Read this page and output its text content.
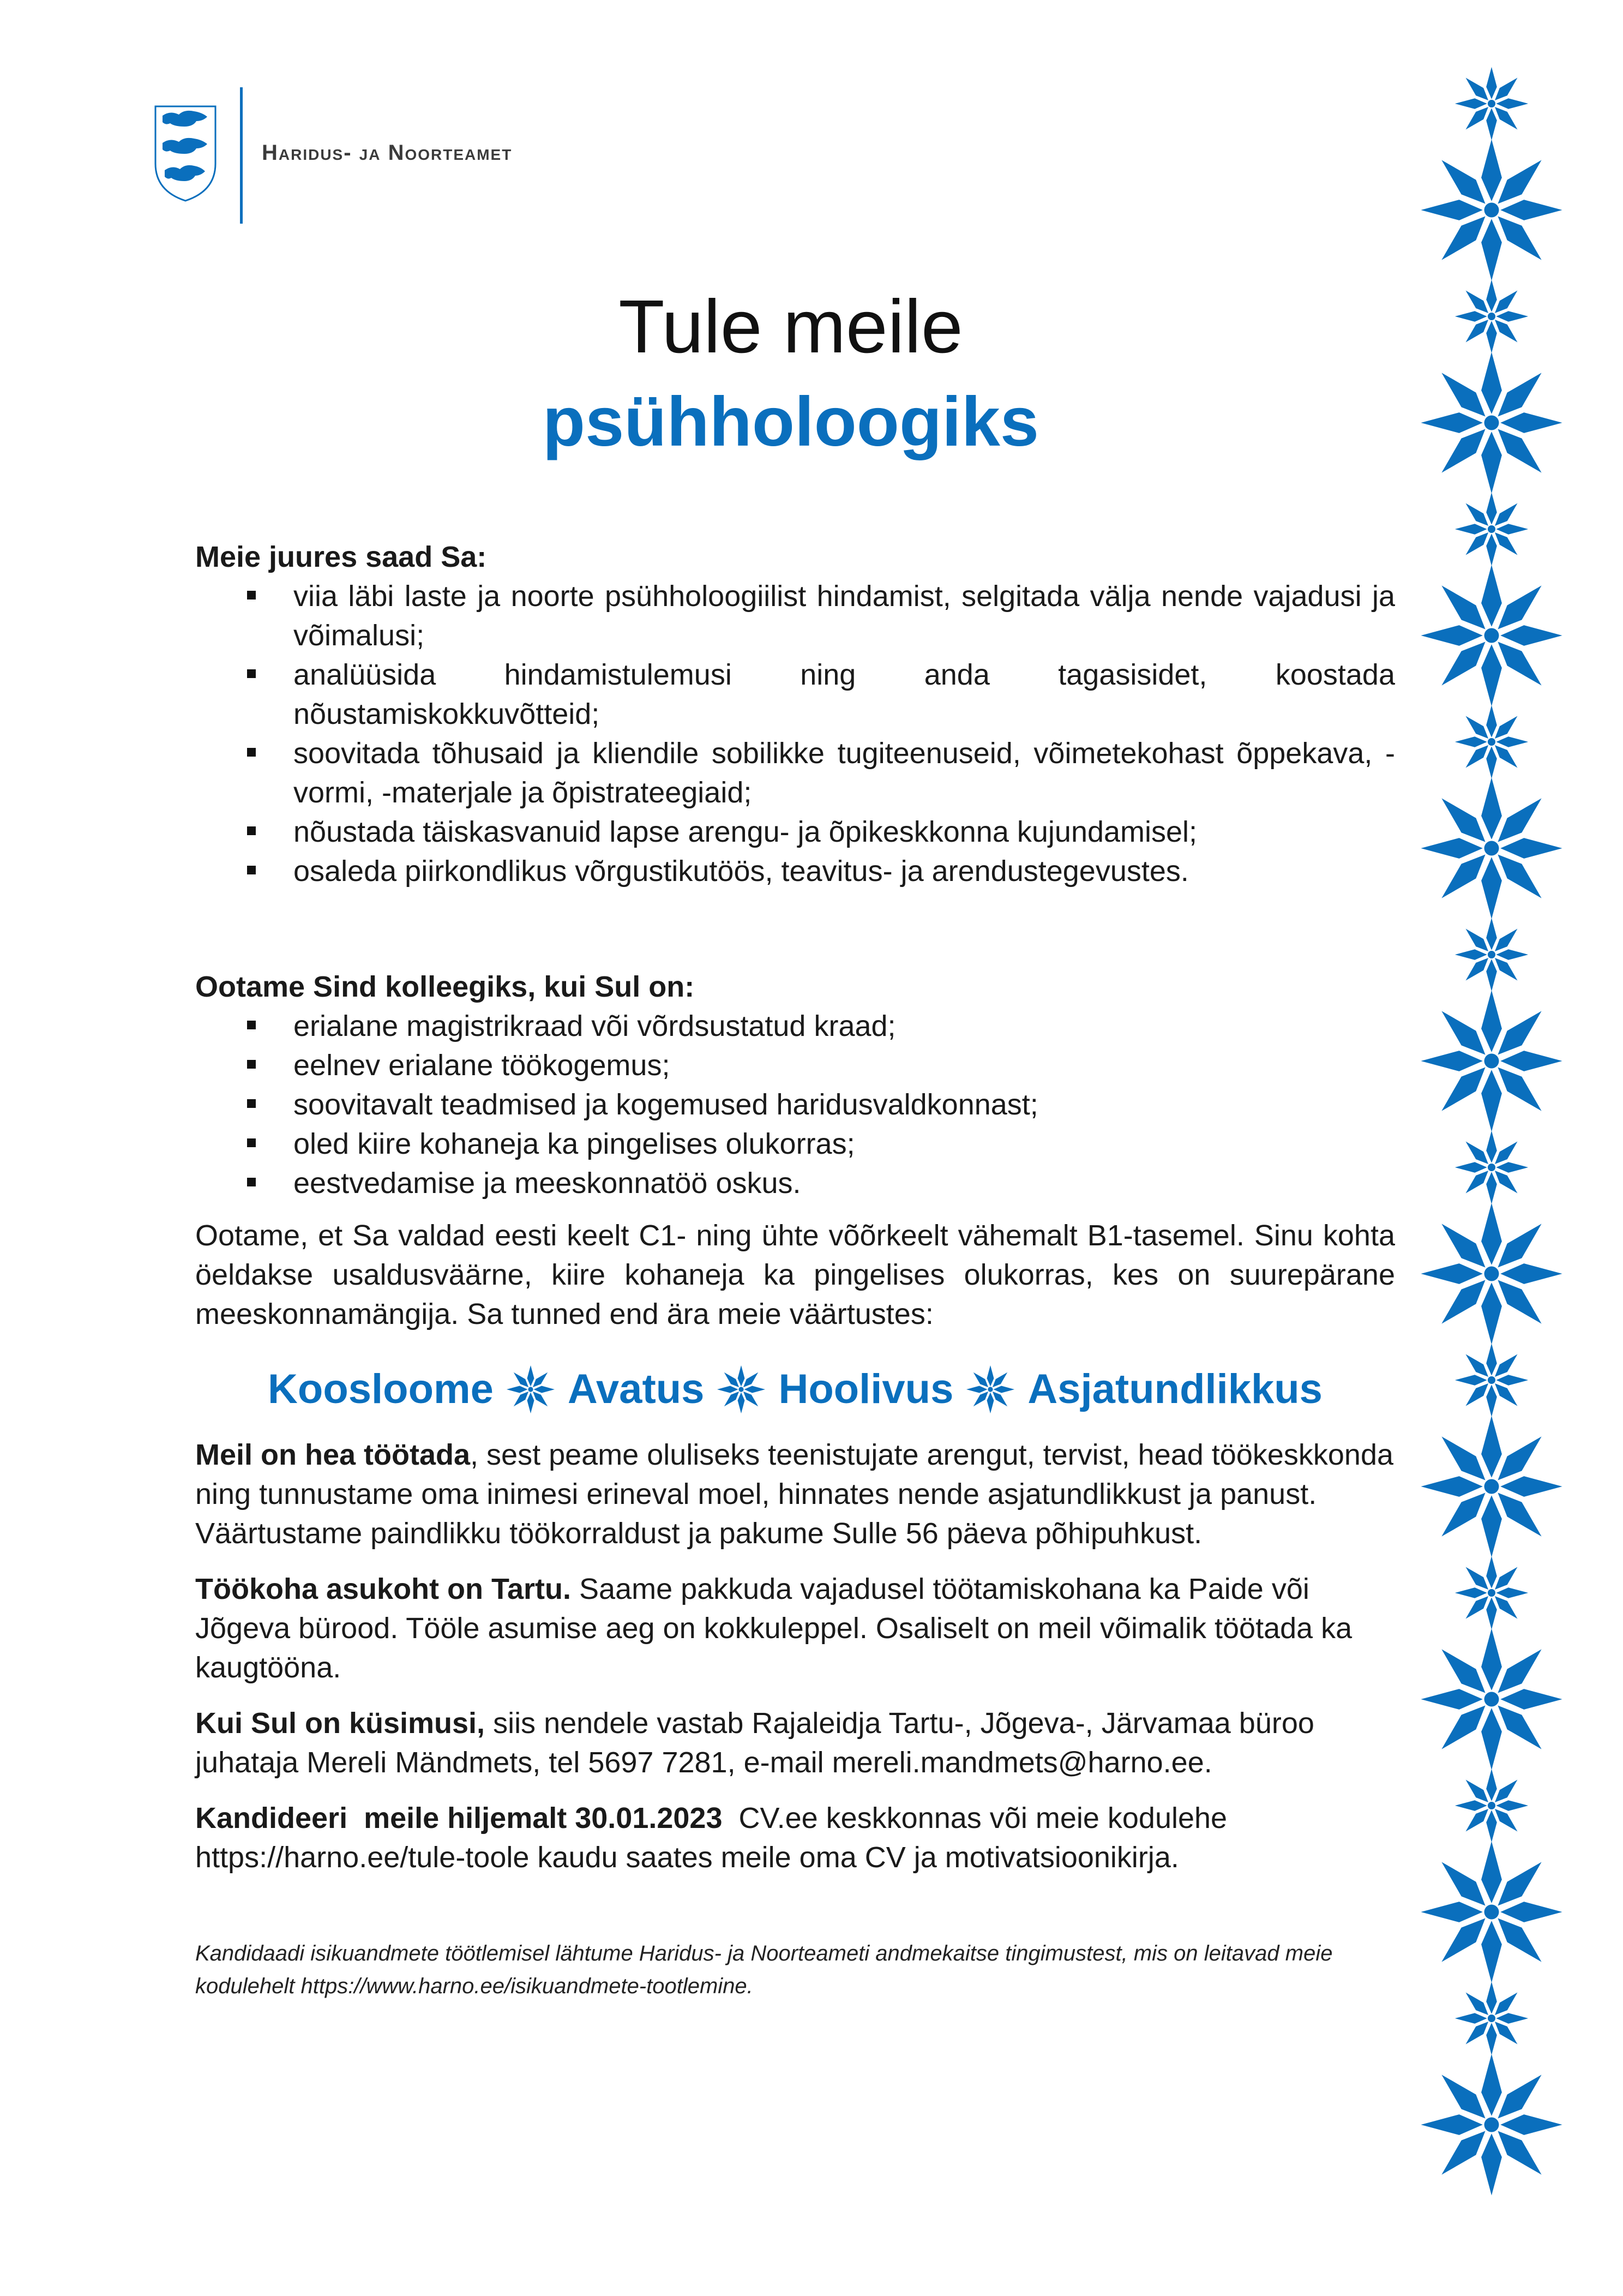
Haridus- ja Noorteamet

Tule meile
psühholoogiks

Meie juures saad Sa:

viia läbi laste ja noorte psühholoogiilist hindamist, selgitada välja nende vajadusi ja võimalusi;
analüüsida hindamistulemusi ning anda tagasisidet, koostada nõustamiskokkuvõtteid;
soovitada tõhusaid ja kliendile sobilikke tugiteenuseid, võimetekohast õppekava, -vormi, -materjale ja õpistrateegiaid;
nõustada täiskasvanuid lapse arengu- ja õpikeskkonna kujundamisel;
osaleda piirkondlikus võrgustikutöös, teavitus- ja arendustegevustes.

Ootame Sind kolleegiks, kui Sul on:

erialane magistrikraad või võrdsustatud kraad;
eelnev erialane töökogemus;
soovitavalt teadmised ja kogemused haridusvaldkonnast;
oled kiire kohaneja ka pingelises olukorras;
eestvedamise ja meeskonnatöö oskus.

Ootame, et Sa valdad eesti keelt C1- ning ühte võõrkeelt vähemalt B1-tasemel. Sinu kohta öeldakse usaldusväärne, kiire kohaneja ka pingelises olukorras, kes on suurepärane meeskonnamängija. Sa tunned end ära meie väärtustes:

Koosloome Avatus Hoolivus Asjatundlikkus

Meil on hea töötada, sest peame oluliseks teenistujate arengut, tervist, head töökeskkonda ning tunnustame oma inimesi erineval moel, hinnates nende asjatundlikkust ja panust. Väärtustame paindlikku töökorraldust ja pakume Sulle 56 päeva põhipuhkust.

Töökoha asukoht on Tartu. Saame pakkuda vajadusel töötamiskohana ka Paide või Jõgeva bürood. Tööle asumise aeg on kokkuleppel. Osaliselt on meil võimalik töötada ka kaugtööna.

Kui Sul on küsimusi, siis nendele vastab Rajaleidja Tartu-, Jõgeva-, Järvamaa büroo juhataja Mereli Mändmets, tel 5697 7281, e-mail mereli.mandmets@harno.ee.

Kandideeri  meile hiljemalt 30.01.2023  CV.ee keskkonnas või meie kodulehe https://harno.ee/tule-toole kaudu saates meile oma CV ja motivatsioonikirja.

Kandidaadi isikuandmete töötlemisel lähtume Haridus- ja Noorteameti andmekaitse tingimustest, mis on leitavad meie kodulehelt https://www.harno.ee/isikuandmete-tootlemine.
